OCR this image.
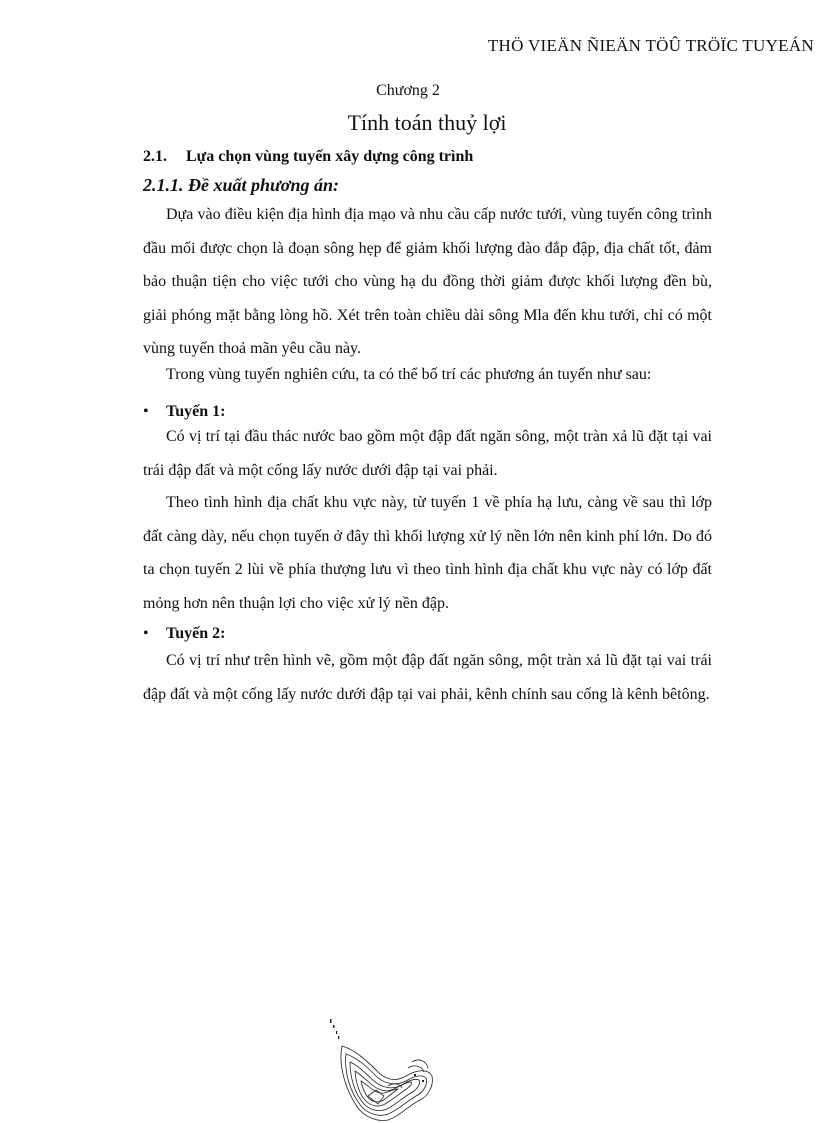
THÖ VIEÄN ÑIEÄN TÖÛ TRÖÏC TUYEÁN
Chương 2
Tính toán thuỷ lợi
2.1. Lựa chọn vùng tuyến xây dựng công trình
2.1.1. Đề xuất phương án:

Dựa vào điều kiện địa hình địa mạo và nhu cầu cấp nước tưới, vùng tuyến công trình đầu mối được chọn là đoạn sông hẹp để giảm khối lượng đào đắp đập, địa chất tốt, đảm bảo thuận tiện cho việc tưới cho vùng hạ du đồng thời giảm được khối lượng đền bù, giải phóng mặt bằng lòng hồ. Xét trên toàn chiều dài sông Mla đến khu tưới, chỉ có một vùng tuyến thoả mãn yêu cầu này.

Trong vùng tuyến nghiên cứu, ta có thể bố trí các phương án tuyến như sau:

• Tuyến 1:

Có vị trí tại đầu thác nước bao gồm một đập đất ngăn sông, một tràn xả lũ đặt tại vai trái đập đất và một cống lấy nước dưới đập tại vai phải.

Theo tình hình địa chất khu vực này, từ tuyến 1 về phía hạ lưu, càng về sau thì lớp đất càng dày, nếu chọn tuyến ở đây thì khối lượng xử lý nền lớn nên kinh phí lớn. Do đó ta chọn tuyến 2 lùi về phía thượng lưu vì theo tình hình địa chất khu vực này có lớp đất mỏng hơn nên thuận lợi cho việc xử lý nền đập.

• Tuyến 2:

Có vị trí như trên hình vẽ, gồm một đập đất ngăn sông, một tràn xả lũ đặt tại vai trái đập đất và một cống lấy nước dưới đập tại vai phải, kênh chính sau cống là kênh bêtông.
